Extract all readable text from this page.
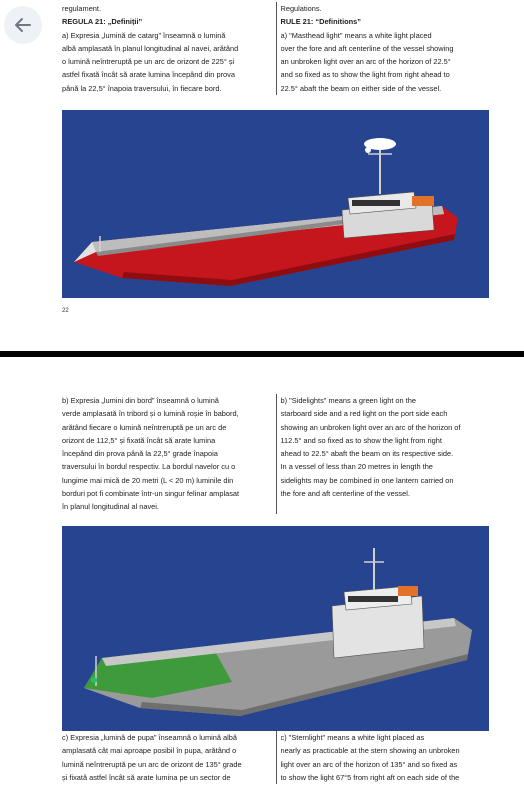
regulament.
REGULA 21: „Definiții”
a) Expresia „lumină de catarg” înseamnă o lumină
albă amplasată în planul longitudinal al navei, arătând
o lumină neîntreruptă pe un arc de orizont de 225° și
astfel fixată încât să arate lumina începând din prova
până la 22,5° înapoia traversului, în fiecare bord.
Regulations.
RULE 21: “Definitions”
a) "Masthead light" means a white light placed
over the fore and aft centerline of the vessel showing
an unbroken light over an arc of the horizon of 22.5°
and so fixed as to show the light from right ahead to
22.5° abaft the beam on either side of the vessel.
22
b) Expresia „lumini din bord” înseamnă o lumină
verde amplasată în tribord și o lumină roșie în babord,
arătând fiecare o lumină neîntreruptă pe un arc de
orizont de 112,5° și fixată încât să arate lumina
începând din prova până la 22,5° grade înapoia
traversului în bordul respectiv. La bordul navelor cu o
lungime mai mică de 20 metri (L < 20 m) luminile din
borduri pot fi combinate într-un singur felinar amplasat
în planul longitudinal al navei.
b) "Sidelights" means a green light on the
starboard side and a red light on the port side each
showing an unbroken light over an arc of the horizon of
112.5° and so fixed as to show the light from right
ahead to 22.5° abaft the beam on its respective side.
In a vessel of less than 20 metres in length the
sidelights may be combined in one lantern carried on
the fore and aft centerline of the vessel.
c) Expresia „lumină de pupa” înseamnă o lumină albă
amplasată cât mai aproape posibil în pupa, arătând o
lumină neîntreruptă pe un arc de orizont de 135° grade
și fixată astfel încât să arate lumina pe un sector de
c) "Sternlight" means a white light placed as
nearly as practicable at the stern showing an unbroken
light over an arc of the horizon of 135° and so fixed as
to show the light 67°5 from right aft on each side of the
